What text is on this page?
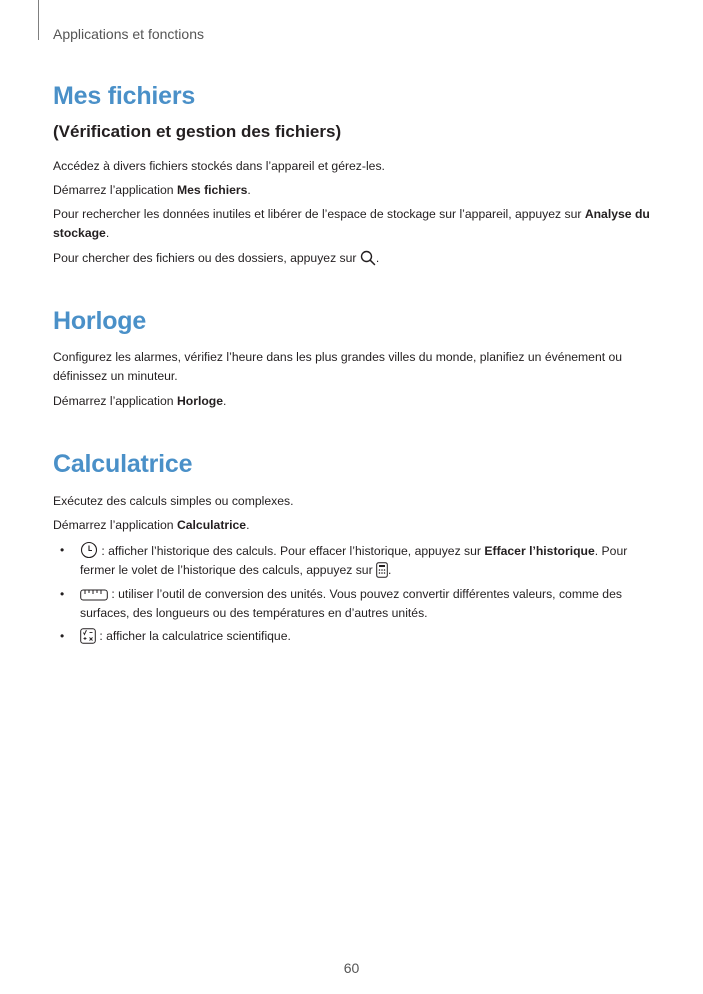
Applications et fonctions
Mes fichiers
(Vérification et gestion des fichiers)

Accédez à divers fichiers stockés dans l’appareil et gérez-les.

Démarrez l’application Mes fichiers.

Pour rechercher les données inutiles et libérer de l’espace de stockage sur l’appareil, appuyez sur Analyse du stockage.

Pour chercher des fichiers ou des dossiers, appuyez sur
.

Horloge

Configurez les alarmes, vérifiez l’heure dans les plus grandes villes du monde, planifiez un événement ou définissez un minuteur.

Démarrez l’application Horloge.

Calculatrice

Exécutez des calculs simples ou complexes.

Démarrez l’application Calculatrice.

•	: afficher l’historique des calculs. Pour effacer l’historique, appuyez sur Effacer l’historique. Pour fermer le volet de l’historique des calculs, appuyez sur
.

•	: utiliser l’outil de conversion des unités. Vous pouvez convertir différentes valeurs, comme des surfaces, des longueurs ou des températures en d’autres unités.

•	: afficher la calculatrice scientifique.

60
